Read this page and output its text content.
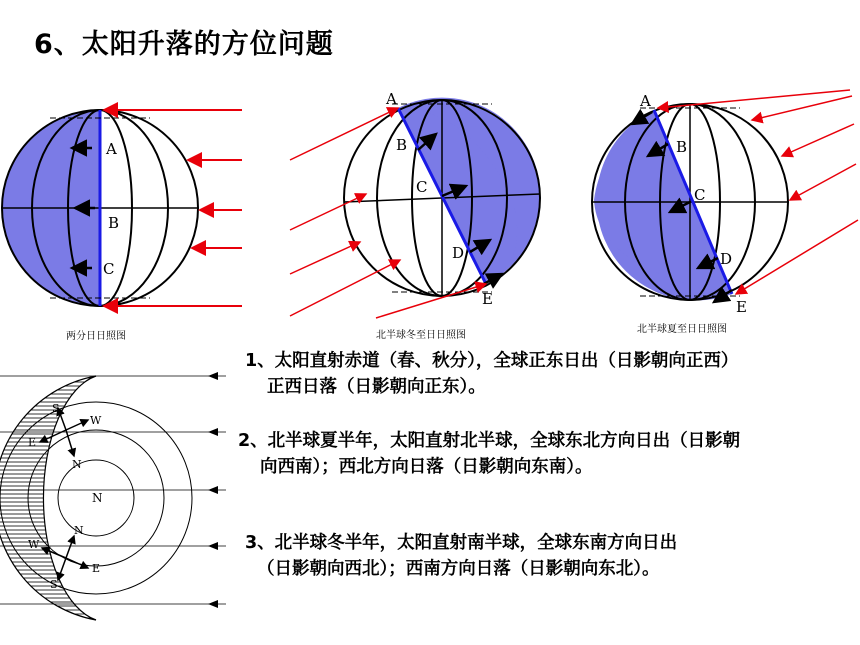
6、太阳升落的方位问题
A
B
C
两分日日照图
A
B
C
D
E
北半球冬至日日照图
A
B
C
D
E
北半球夏至日日照图
S
W
E
N
N
W
N
S
E
1、太阳直射赤道（春、秋分），全球正东日出（日影朝向正西）
正西日落（日影朝向正东）。
2、北半球夏半年，太阳直射北半球，全球东北方向日出（日影朝
向西南）；西北方向日落（日影朝向东南）。
3、北半球冬半年，太阳直射南半球，全球东南方向日出
（日影朝向西北）；西南方向日落（日影朝向东北）。
